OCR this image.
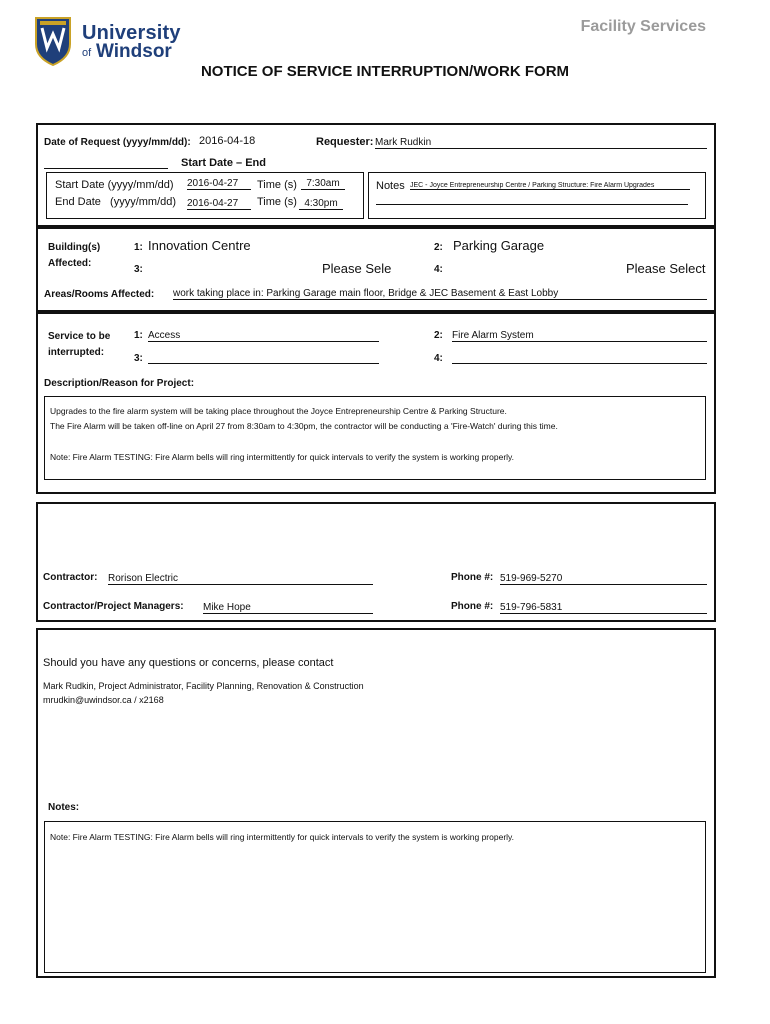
University
of Windsor
Facility Services
NOTICE OF SERVICE INTERRUPTION/WORK FORM
Date of Request (yyyy/mm/dd): 2016-04-18	Requester: Mark Rudkin
Start Date – End
Start Date (yyyy/mm/dd) 2016-04-27	Time (s) 7:30am
End Date   (yyyy/mm/dd) 2016-04-27	Time (s) 4:30pm
Notes JEC - Joyce Entrepreneurship Centre / Parking Structure: Fire Alarm Upgrades
Building(s)
Affected:
1: Innovation Centre	2: Parking Garage
3:	Please Sele	4:	Please Select
Areas/Rooms Affected: work taking place in: Parking Garage main floor, Bridge & JEC Basement & East Lobby
Service to be
interrupted:
1: Access	2: Fire Alarm System
3:	4:
Description/Reason for Project:
Upgrades to the fire alarm system will be taking place throughout the Joyce Entrepreneurship Centre & Parking Structure.
The Fire Alarm will be taken off-line on April 27 from 8:30am to 4:30pm, the contractor will be conducting a 'Fire-Watch' during this time.
Note: Fire Alarm TESTING: Fire Alarm bells will ring intermittently for quick intervals to verify the system is working properly.
Contractor: Rorison Electric	Phone #: 519-969-5270
Contractor/Project Managers: Mike Hope	Phone #: 519-796-5831
Should you have any questions or concerns, please contact
Mark Rudkin, Project Administrator, Facility Planning, Renovation & Construction
mrudkin@uwindsor.ca / x2168
Notes:
Note: Fire Alarm TESTING: Fire Alarm bells will ring intermittently for quick intervals to verify the system is working properly.
